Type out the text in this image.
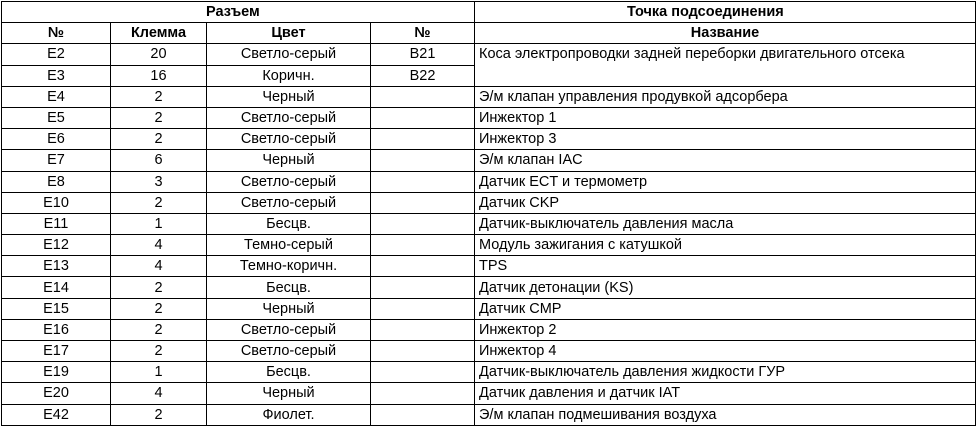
Разъем				Точка подсоединения
№	Клемма	Цвет	№	Название
E2	20	Светло-серый	B21	Коса электропроводки задней переборки двигательного отсека
E3	16	Коричн.	B22	
E4	2	Черный		Э/м клапан управления продувкой адсорбера
E5	2	Светло-серый		Инжектор 1
E6	2	Светло-серый		Инжектор 3
E7	6	Черный		Э/м клапан IAC
E8	3	Светло-серый		Датчик ECT и термометр
E10	2	Светло-серый		Датчик CKP
E11	1	Бесцв.		Датчик-выключатель давления масла
E12	4	Темно-серый		Модуль зажигания с катушкой
E13	4	Темно-коричн.		TPS
E14	2	Бесцв.		Датчик детонации (KS)
E15	2	Черный		Датчик CMP
E16	2	Светло-серый		Инжектор 2
E17	2	Светло-серый		Инжектор 4
E19	1	Бесцв.		Датчик-выключатель давления жидкости ГУР
E20	4	Черный		Датчик давления и датчик IAT
E42	2	Фиолет.		Э/м клапан подмешивания воздуха
